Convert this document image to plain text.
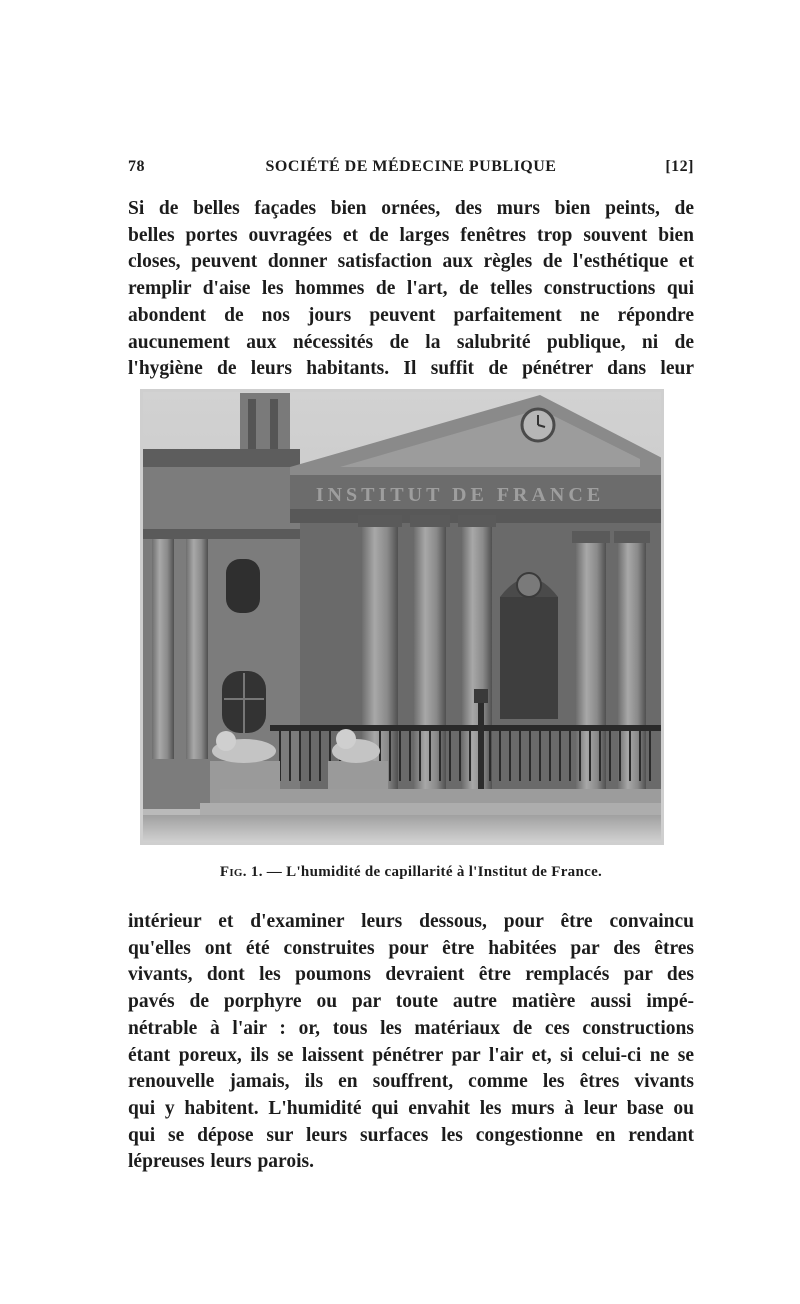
78	SOCIÉTÉ DE MÉDECINE PUBLIQUE	[12]
Si de belles façades bien ornées, des murs bien peints, de
belles portes ouvragées et de larges fenêtres trop souvent bien
closes, peuvent donner satisfaction aux règles de l'esthétique et
remplir d'aise les hommes de l'art, de telles constructions qui
abondent de nos jours peuvent parfaitement ne répondre
aucunement aux nécessités de la salubrité publique, ni de
l'hygiène de leurs habitants. Il suffit de pénétrer dans leur
INSTITUT DE FRANCE
Fig. 1. — L'humidité de capillarité à l'Institut de France.
intérieur et d'examiner leurs dessous, pour être convaincu
qu'elles ont été construites pour être habitées par des êtres
vivants, dont les poumons devraient être remplacés par des
pavés de porphyre ou par toute autre matière aussi impé-
nétrable à l'air : or, tous les matériaux de ces constructions
étant poreux, ils se laissent pénétrer par l'air et, si celui-ci ne se
renouvelle jamais, ils en souffrent, comme les êtres vivants
qui y habitent. L'humidité qui envahit les murs à leur base ou
qui se dépose sur leurs surfaces les congestionne en rendant
lépreuses leurs parois.
